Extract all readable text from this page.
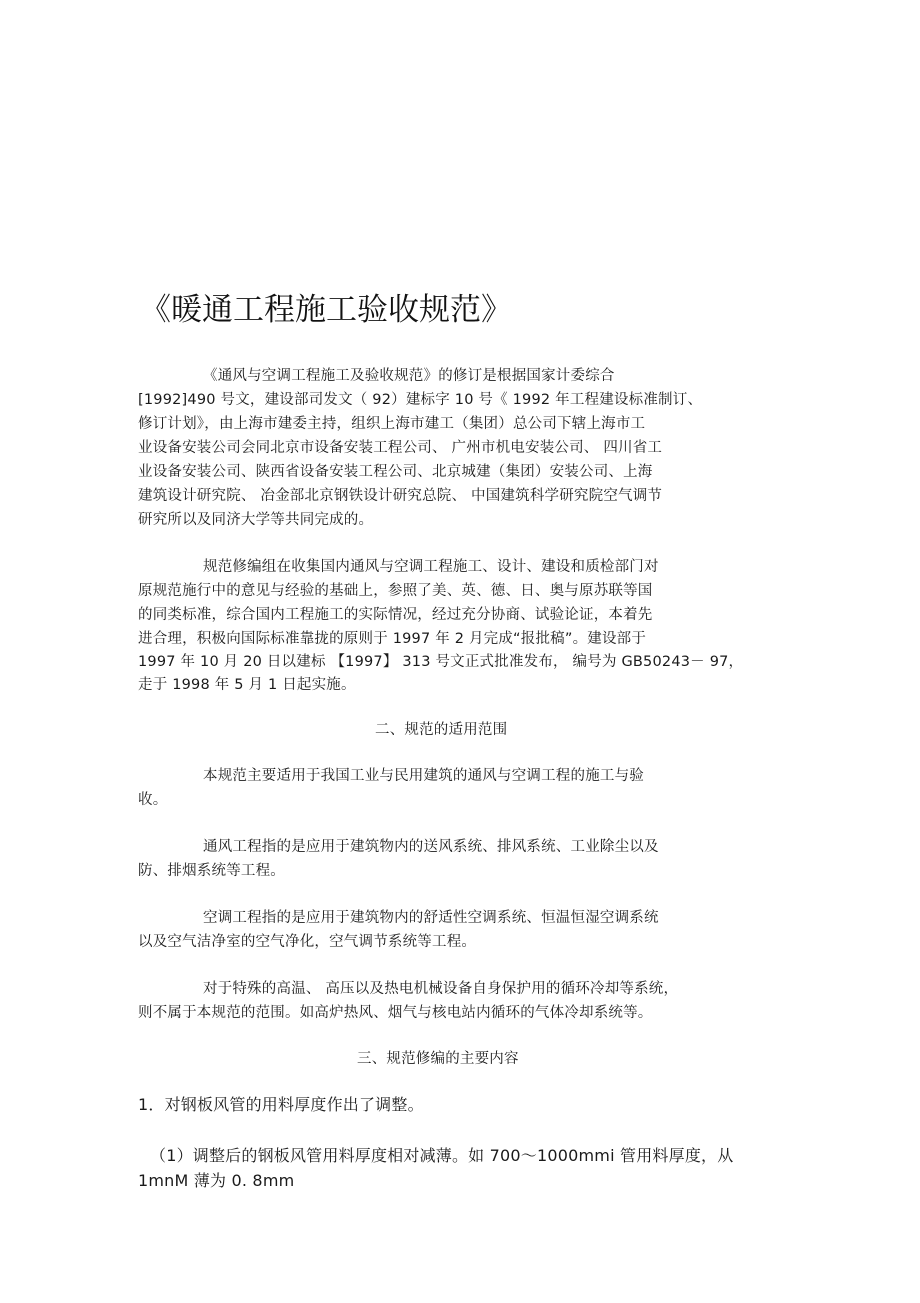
《暖通工程施工验收规范》
《通风与空调工程施工及验收规范》的修订是根据国家计委综合
[1992]490 号文，建设部司发文（ 92）建标字 10 号《 1992 年工程建设标准制订、
修订计划》，由上海市建委主持，组织上海市建工（集团）总公司下辖上海市工
业设备安装公司会同北京市设备安装工程公司、 广州市机电安装公司、 四川省工
业设备安装公司、陕西省设备安装工程公司、北京城建（集团）安装公司、上海
建筑设计研究院、 冶金部北京钢铁设计研究总院、 中国建筑科学研究院空气调节
研究所以及同济大学等共同完成的。
规范修编组在收集国内通风与空调工程施工、设计、建设和质检部门对
原规范施行中的意见与经验的基础上，参照了美、英、德、日、奥与原苏联等国
的同类标准，综合国内工程施工的实际情况，经过充分协商、试验论证，本着先
进合理，积极向国际标准靠拢的原则于 1997 年 2 月完成“报批稿”。建设部于
1997 年 10 月 20 日以建标 【1997】 313 号文正式批准发布， 编号为 GB50243－ 97，
走于 1998 年 5 月 1 日起实施。
二、规范的适用范围
本规范主要适用于我国工业与民用建筑的通风与空调工程的施工与验
收。
通风工程指的是应用于建筑物内的送风系统、排风系统、工业除尘以及
防、排烟系统等工程。
空调工程指的是应用于建筑物内的舒适性空调系统、恒温恒湿空调系统
以及空气洁净室的空气净化，空气调节系统等工程。
对于特殊的高温、 高压以及热电机械设备自身保护用的循环冷却等系统，
则不属于本规范的范围。如高炉热风、烟气与核电站内循环的气体冷却系统等。
三、规范修编的主要内容
1．对钢板风管的用料厚度作出了调整。
（1）调整后的钢板风管用料厚度相对减薄。如 700〜1000mmi 管用料厚度，从
1mnM 薄为 0. 8mm
